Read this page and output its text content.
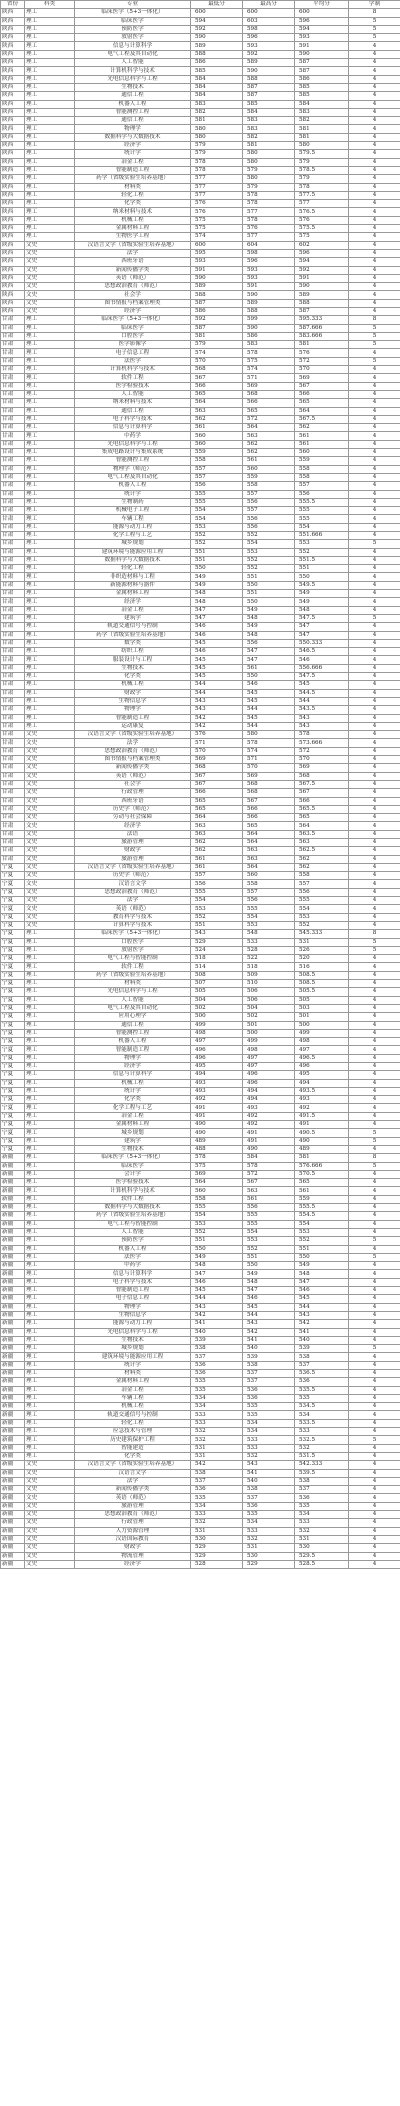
省份	科类	专业	最低分	最高分	平均分	学制
陕西	理工	临床医学（5+3一体化）	600	600	600	8
陕西	理工	临床医学	594	603	596	5
陕西	理工	预防医学	592	598	594	5
陕西	理工	放射医学	590	596	593	5
陕西	理工	信息与计算科学	589	593	591	4
陕西	理工	电气工程及其自动化	588	592	590	4
陕西	理工	人工智能	586	589	587	4
陕西	理工	计算机科学与技术	585	590	587	4
陕西	理工	光电信息科学与工程	584	588	586	4
陕西	理工	生物技术	584	587	585	4
陕西	理工	通信工程	584	587	585	4
陕西	理工	机器人工程	583	585	584	4
陕西	理工	智能测控工程	582	584	583	4
陕西	理工	通信工程	581	583	582	4
陕西	理工	物理学	580	583	581	4
陕西	理工	数据科学与大数据技术	580	582	581	4
陕西	理工	经济学	579	581	580	4
陕西	理工	统计学	579	580	579.5	4
陕西	理工	冶金工程	578	580	579	4
陕西	理工	智能制造工程	578	579	578.5	4
陕西	理工	药学（省级实验生培养基地）	577	580	579	4
陕西	理工	材料类	577	579	578	4
陕西	理工	轻化工程	577	578	577.5	4
陕西	理工	化学类	576	578	577	4
陕西	理工	纳米材料与技术	576	577	576.5	4
陕西	理工	机械工程	575	578	576	4
陕西	理工	金属材料工程	575	576	575.5	4
陕西	理工	生物医学工程	574	577	575	4
陕西	文史	汉语言文学（省级实验生培养基地）	600	604	602	4
陕西	文史	法学	595	598	596	4
陕西	文史	西班牙语	593	596	594	4
陕西	文史	新闻传播学类	591	593	592	4
陕西	文史	英语（师范）	590	593	591	4
陕西	文史	思想政治教育（师范）	589	591	590	4
陕西	文史	社会学	588	590	589	4
陕西	文史	图书情报与档案管理类	587	589	588	4
陕西	文史	经济学	586	588	587	4
甘肃	理工	临床医学（5+3一体化）	592	599	595.333	8
甘肃	理工	临床医学	587	590	587.666	5
甘肃	理工	口腔医学	581	586	583.666	5
甘肃	理工	医学影像学	579	583	581	5
甘肃	理工	电子信息工程	574	578	576	4
甘肃	理工	法医学	570	575	572	5
甘肃	理工	计算机科学与技术	568	574	570	4
甘肃	理工	软件工程	567	571	569	4
甘肃	理工	医学检验技术	566	569	567	4
甘肃	理工	人工智能	565	568	566	4
甘肃	理工	纳米材料与技术	564	566	565	4
甘肃	理工	通信工程	563	565	564	4
甘肃	理工	电子科学与技术	562	572	567.5	4
甘肃	理工	信息与计算科学	561	564	562	4
甘肃	理工	中药学	560	563	561	4
甘肃	理工	光电信息科学与工程	560	562	561	4
甘肃	理工	集成电路设计与集成系统	559	562	560	4
甘肃	理工	智能测控工程	558	561	559	4
甘肃	理工	物理学（师范）	557	560	558	4
甘肃	理工	电气工程及其自动化	557	559	558	4
甘肃	理工	机器人工程	556	558	557	4
甘肃	理工	统计学	555	557	556	4
甘肃	理工	生物制药	555	556	555.5	4
甘肃	理工	机械电子工程	554	557	555	4
甘肃	理工	车辆工程	554	556	555	4
甘肃	理工	能源与动力工程	553	556	554	4
甘肃	理工	化学工程与工艺	552	552	551.666	4
甘肃	理工	城乡规划	552	554	553	5
甘肃	理工	建筑环境与能源应用工程	551	553	552	4
甘肃	理工	数据科学与大数据技术	551	552	551.5	4
甘肃	理工	轻化工程	550	552	551	4
甘肃	理工	非织造材料与工程	549	551	550	4
甘肃	理工	新能源材料与器件	549	550	549.5	4
甘肃	理工	金属材料工程	548	551	549	4
甘肃	理工	经济学	548	550	549	4
甘肃	理工	冶金工程	547	549	548	4
甘肃	理工	建筑学	547	548	547.5	5
甘肃	理工	轨道交通信号与控制	546	549	547	4
甘肃	理工	药学（省级实验生培养基地）	546	548	547	4
甘肃	理工	数学类	545	556	550.333	4
甘肃	理工	纺织工程	546	547	546.5	4
甘肃	理工	服装设计与工程	545	547	546	4
甘肃	理工	生物技术	545	561	556.666	4
甘肃	理工	化学类	545	550	547.5	4
甘肃	理工	机械工程	544	546	545	4
甘肃	理工	财政学	544	545	544.5	4
甘肃	理工	生物信息学	543	545	544	4
甘肃	理工	物理学	543	544	543.5	4
甘肃	理工	智能制造工程	542	545	543	4
甘肃	理工	运动康复	542	544	543	4
甘肃	文史	汉语言文学（省级实验生培养基地）	576	580	578	4
甘肃	文史	法学	571	578	573.666	4
甘肃	文史	思想政治教育（师范）	570	574	572	4
甘肃	文史	图书情报与档案管理类	569	571	570	4
甘肃	文史	新闻传播学类	568	570	569	4
甘肃	文史	英语（师范）	567	569	568	4
甘肃	文史	社会学	567	568	567.5	4
甘肃	文史	行政管理	566	568	567	4
甘肃	文史	西班牙语	565	567	566	4
甘肃	文史	历史学（师范）	565	566	565.5	4
甘肃	文史	劳动与社会保障	564	566	565	4
甘肃	文史	经济学	563	565	564	4
甘肃	文史	法语	563	564	563.5	4
甘肃	文史	旅游管理	562	564	563	4
甘肃	文史	财政学	562	563	562.5	4
甘肃	文史	旅游管理	561	563	562	4
宁夏	文史	汉语言文学（省级实验生培养基地）	561	564	562	4
宁夏	文史	历史学（师范）	557	560	558	4
宁夏	文史	汉语言文学	556	558	557	4
宁夏	文史	思想政治教育（师范）	555	557	556	4
宁夏	文史	法学	554	556	555	4
宁夏	文史	英语（师范）	553	555	554	4
宁夏	文史	教育科学与技术	552	554	553	4
宁夏	文史	计算科学与技术	551	553	552	4
宁夏	理工	临床医学（5+3一体化）	543	548	545.333	8
宁夏	理工	口腔医学	529	533	531	5
宁夏	理工	放射医学	524	528	526	5
宁夏	理工	电气工程与智能控制	518	522	520	4
宁夏	理工	软件工程	514	518	516	4
宁夏	理工	药学（省级实验生培养基地）	508	509	508.5	4
宁夏	理工	材料类	507	510	508.5	4
宁夏	理工	光电信息科学与工程	505	506	505.5	4
宁夏	理工	人工智能	504	506	505	4
宁夏	理工	电气工程及其自动化	502	504	503	4
宁夏	理工	应用心理学	500	502	501	4
宁夏	理工	通信工程	499	501	500	4
宁夏	理工	智能测控工程	498	500	499	4
宁夏	理工	机器人工程	497	499	498	4
宁夏	理工	智能制造工程	496	498	497	4
宁夏	理工	物理学	496	497	496.5	4
宁夏	理工	经济学	495	497	496	4
宁夏	理工	信息与计算科学	494	496	495	4
宁夏	理工	机械工程	493	496	494	4
宁夏	理工	统计学	493	494	493.5	4
宁夏	理工	化学类	492	494	493	4
宁夏	理工	化学工程与工艺	491	493	492	4
宁夏	理工	冶金工程	491	492	491.5	4
宁夏	理工	金属材料工程	490	492	491	4
宁夏	理工	城乡规划	490	491	490.5	5
宁夏	理工	建筑学	489	491	490	5
宁夏	理工	生物技术	488	490	489	4
新疆	理工	临床医学（5+3一体化）	578	584	581	8
新疆	理工	临床医学	575	578	576.666	5
新疆	理工	会计学	569	572	570.5	4
新疆	理工	医学检验技术	564	567	565	4
新疆	理工	计算机科学与技术	560	563	561	4
新疆	理工	软件工程	558	561	559	4
新疆	理工	数据科学与大数据技术	555	556	555.5	4
新疆	理工	药学（省级实验生培养基地）	554	555	554.5	4
新疆	理工	电气工程与智能控制	553	555	554	4
新疆	理工	人工智能	552	554	553	4
新疆	理工	预防医学	551	553	552	5
新疆	理工	机器人工程	550	552	551	4
新疆	理工	法医学	549	551	550	5
新疆	理工	中药学	548	550	549	4
新疆	理工	信息与计算科学	547	549	548	4
新疆	理工	电子科学与技术	546	548	547	4
新疆	理工	智能制造工程	545	547	546	4
新疆	理工	电子信息工程	544	546	545	4
新疆	理工	物理学	543	545	544	4
新疆	理工	生物信息学	542	544	543	4
新疆	理工	能源与动力工程	541	543	542	4
新疆	理工	光电信息科学与工程	540	542	541	4
新疆	理工	生物技术	539	541	540	4
新疆	理工	城乡规划	538	540	539	5
新疆	理工	建筑环境与能源应用工程	537	539	538	4
新疆	理工	统计学	536	538	537	4
新疆	理工	材料类	536	537	536.5	4
新疆	理工	金属材料工程	535	537	536	4
新疆	理工	冶金工程	535	536	535.5	4
新疆	理工	车辆工程	534	536	535	4
新疆	理工	机械工程	534	535	534.5	4
新疆	理工	轨道交通信号与控制	533	535	534	4
新疆	理工	轻化工程	533	534	533.5	4
新疆	理工	应急技术与管理	532	534	533	4
新疆	理工	历史建筑保护工程	532	533	532.5	5
新疆	理工	智能建造	531	533	532	4
新疆	理工	化学类	531	532	531.5	4
新疆	文史	汉语言文学（省级实验生培养基地）	542	543	542.333	4
新疆	文史	汉语言文学	538	541	539.5	4
新疆	文史	法学	537	540	538	4
新疆	文史	新闻传播学类	536	538	537	4
新疆	文史	英语（师范）	535	537	536	4
新疆	文史	旅游管理	534	536	535	4
新疆	文史	思想政治教育（师范）	533	535	534	4
新疆	文史	行政管理	532	534	533	4
新疆	文史	人力资源管理	531	533	532	4
新疆	文史	汉语国际教育	530	532	531	4
新疆	文史	财政学	529	531	530	4
新疆	文史	物流管理	529	530	529.5	4
新疆	文史	经济学	528	529	528.5	4
